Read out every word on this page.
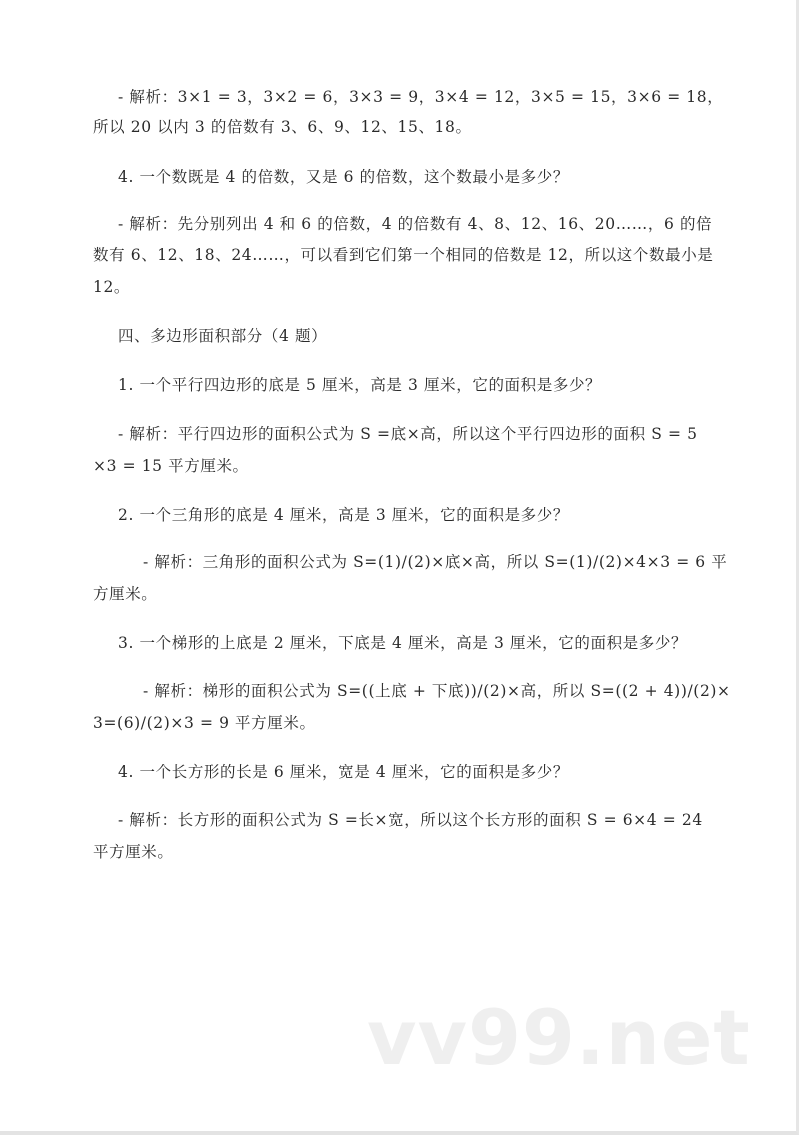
- 解析：3×1 = 3，3×2 = 6，3×3 = 9，3×4 = 12，3×5 = 15，3×6 = 18，
所以 20 以内 3 的倍数有 3、6、9、12、15、18。
4. 一个数既是 4 的倍数，又是 6 的倍数，这个数最小是多少？
- 解析：先分别列出 4 和 6 的倍数，4 的倍数有 4、8、12、16、20……，6 的倍
数有 6、12、18、24……，可以看到它们第一个相同的倍数是 12，所以这个数最小是
12。
四、多边形面积部分（4 题）
1. 一个平行四边形的底是 5 厘米，高是 3 厘米，它的面积是多少？
- 解析：平行四边形的面积公式为 S =底×高，所以这个平行四边形的面积 S = 5
×3 = 15 平方厘米。
2. 一个三角形的底是 4 厘米，高是 3 厘米，它的面积是多少？
- 解析：三角形的面积公式为 S=(1)/(2)×底×高，所以 S=(1)/(2)×4×3 = 6 平
方厘米。
3. 一个梯形的上底是 2 厘米，下底是 4 厘米，高是 3 厘米，它的面积是多少？
- 解析：梯形的面积公式为 S=((上底 + 下底))/(2)×高，所以 S=((2 + 4))/(2)×
3=(6)/(2)×3 = 9 平方厘米。
4. 一个长方形的长是 6 厘米，宽是 4 厘米，它的面积是多少？
- 解析：长方形的面积公式为 S =长×宽，所以这个长方形的面积 S = 6×4 = 24
平方厘米。
vv99.net
